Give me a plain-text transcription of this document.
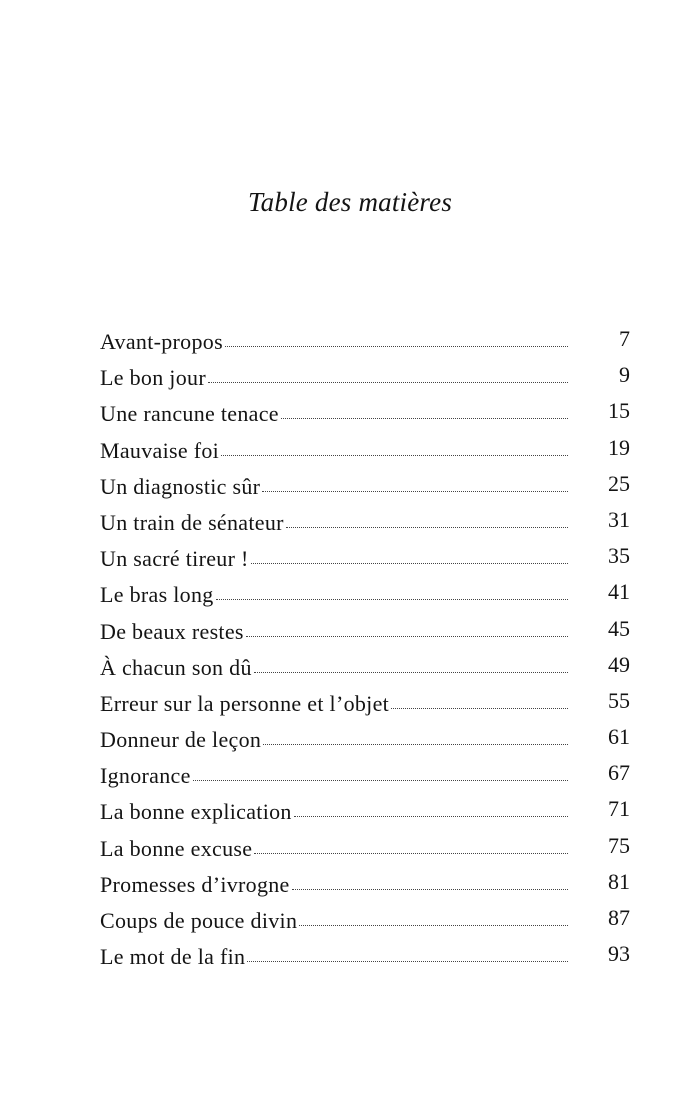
Table des matières
Avant-propos	7
Le bon jour	9
Une rancune tenace	15
Mauvaise foi	19
Un diagnostic sûr	25
Un train de sénateur	31
Un sacré tireur !	35
Le bras long	41
De beaux restes	45
À chacun son dû	49
Erreur sur la personne et l’objet	55
Donneur de leçon	61
Ignorance	67
La bonne explication	71
La bonne excuse	75
Promesses d’ivrogne	81
Coups de pouce divin	87
Le mot de la fin	93
